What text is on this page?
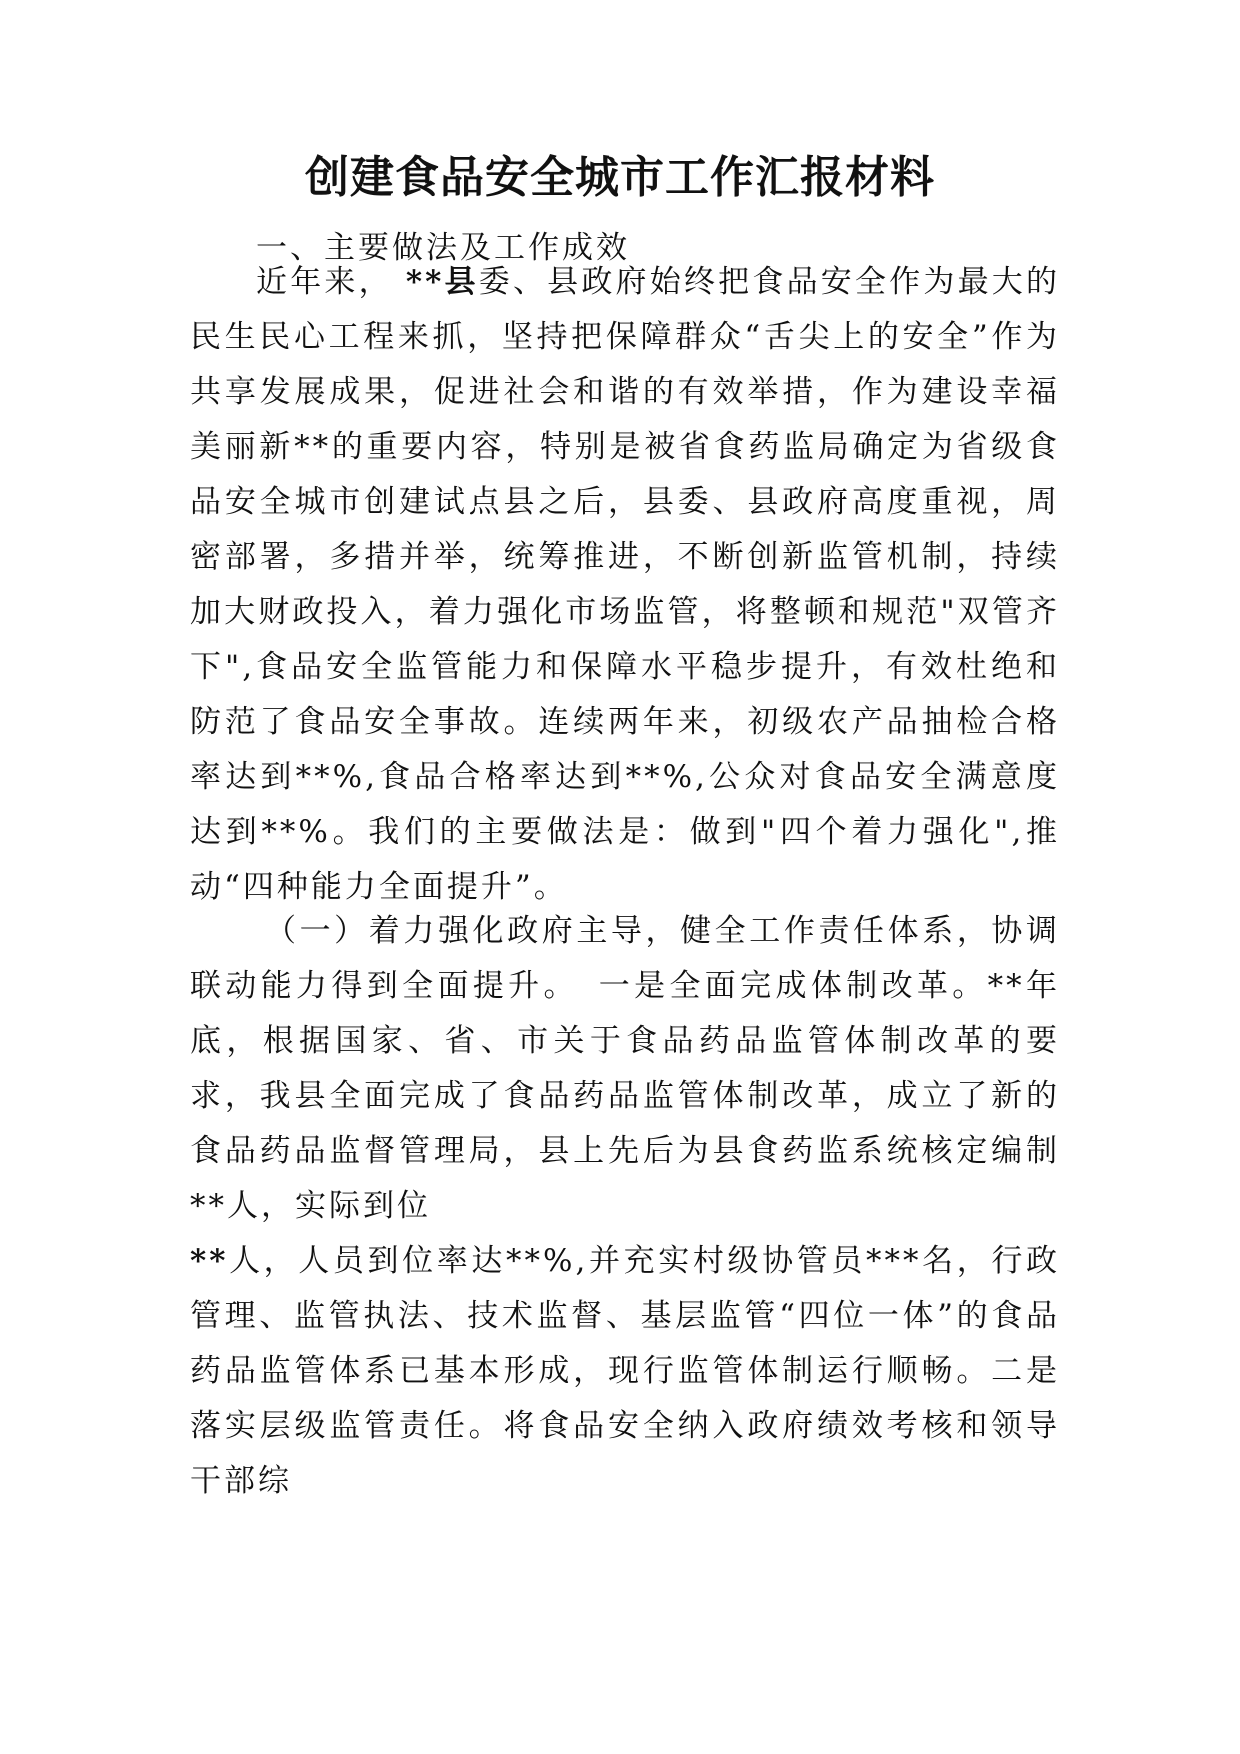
创建食品安全城市工作汇报材料
一、主要做法及工作成效
近年来， **县委、县政府始终把食品安全作为最大的民生民心工程来抓，坚持把保障群众“舌尖上的安全”作为共享发展成果，促进社会和谐的有效举措，作为建设幸福美丽新**的重要内容，特别是被省食药监局确定为省级食品安全城市创建试点县之后，县委、县政府高度重视，周密部署，多措并举，统筹推进，不断创新监管机制，持续加大财政投入，着力强化市场监管，将整顿和规范"双管齐下",食品安全监管能力和保障水平稳步提升，有效杜绝和防范了食品安全事故。连续两年来，初级农产品抽检合格率达到**%,食品合格率达到**%,公众对食品安全满意度达到**%。我们的主要做法是：做到"四个着力强化",推动“四种能力全面提升”。
（一）着力强化政府主导，健全工作责任体系，协调联动能力得到全面提升。　一是全面完成体制改革。**年底，根据国家、省、市关于食品药品监管体制改革的要求，我县全面完成了食品药品监管体制改革，成立了新的食品药品监督管理局，县上先后为县食药监系统核定编制**人，实际到位
**人，人员到位率达**%,并充实村级协管员***名，行政管理、监管执法、技术监督、基层监管“四位一体”的食品药品监管体系已基本形成，现行监管体制运行顺畅。二是落实层级监管责任。将食品安全纳入政府绩效考核和领导干部综
